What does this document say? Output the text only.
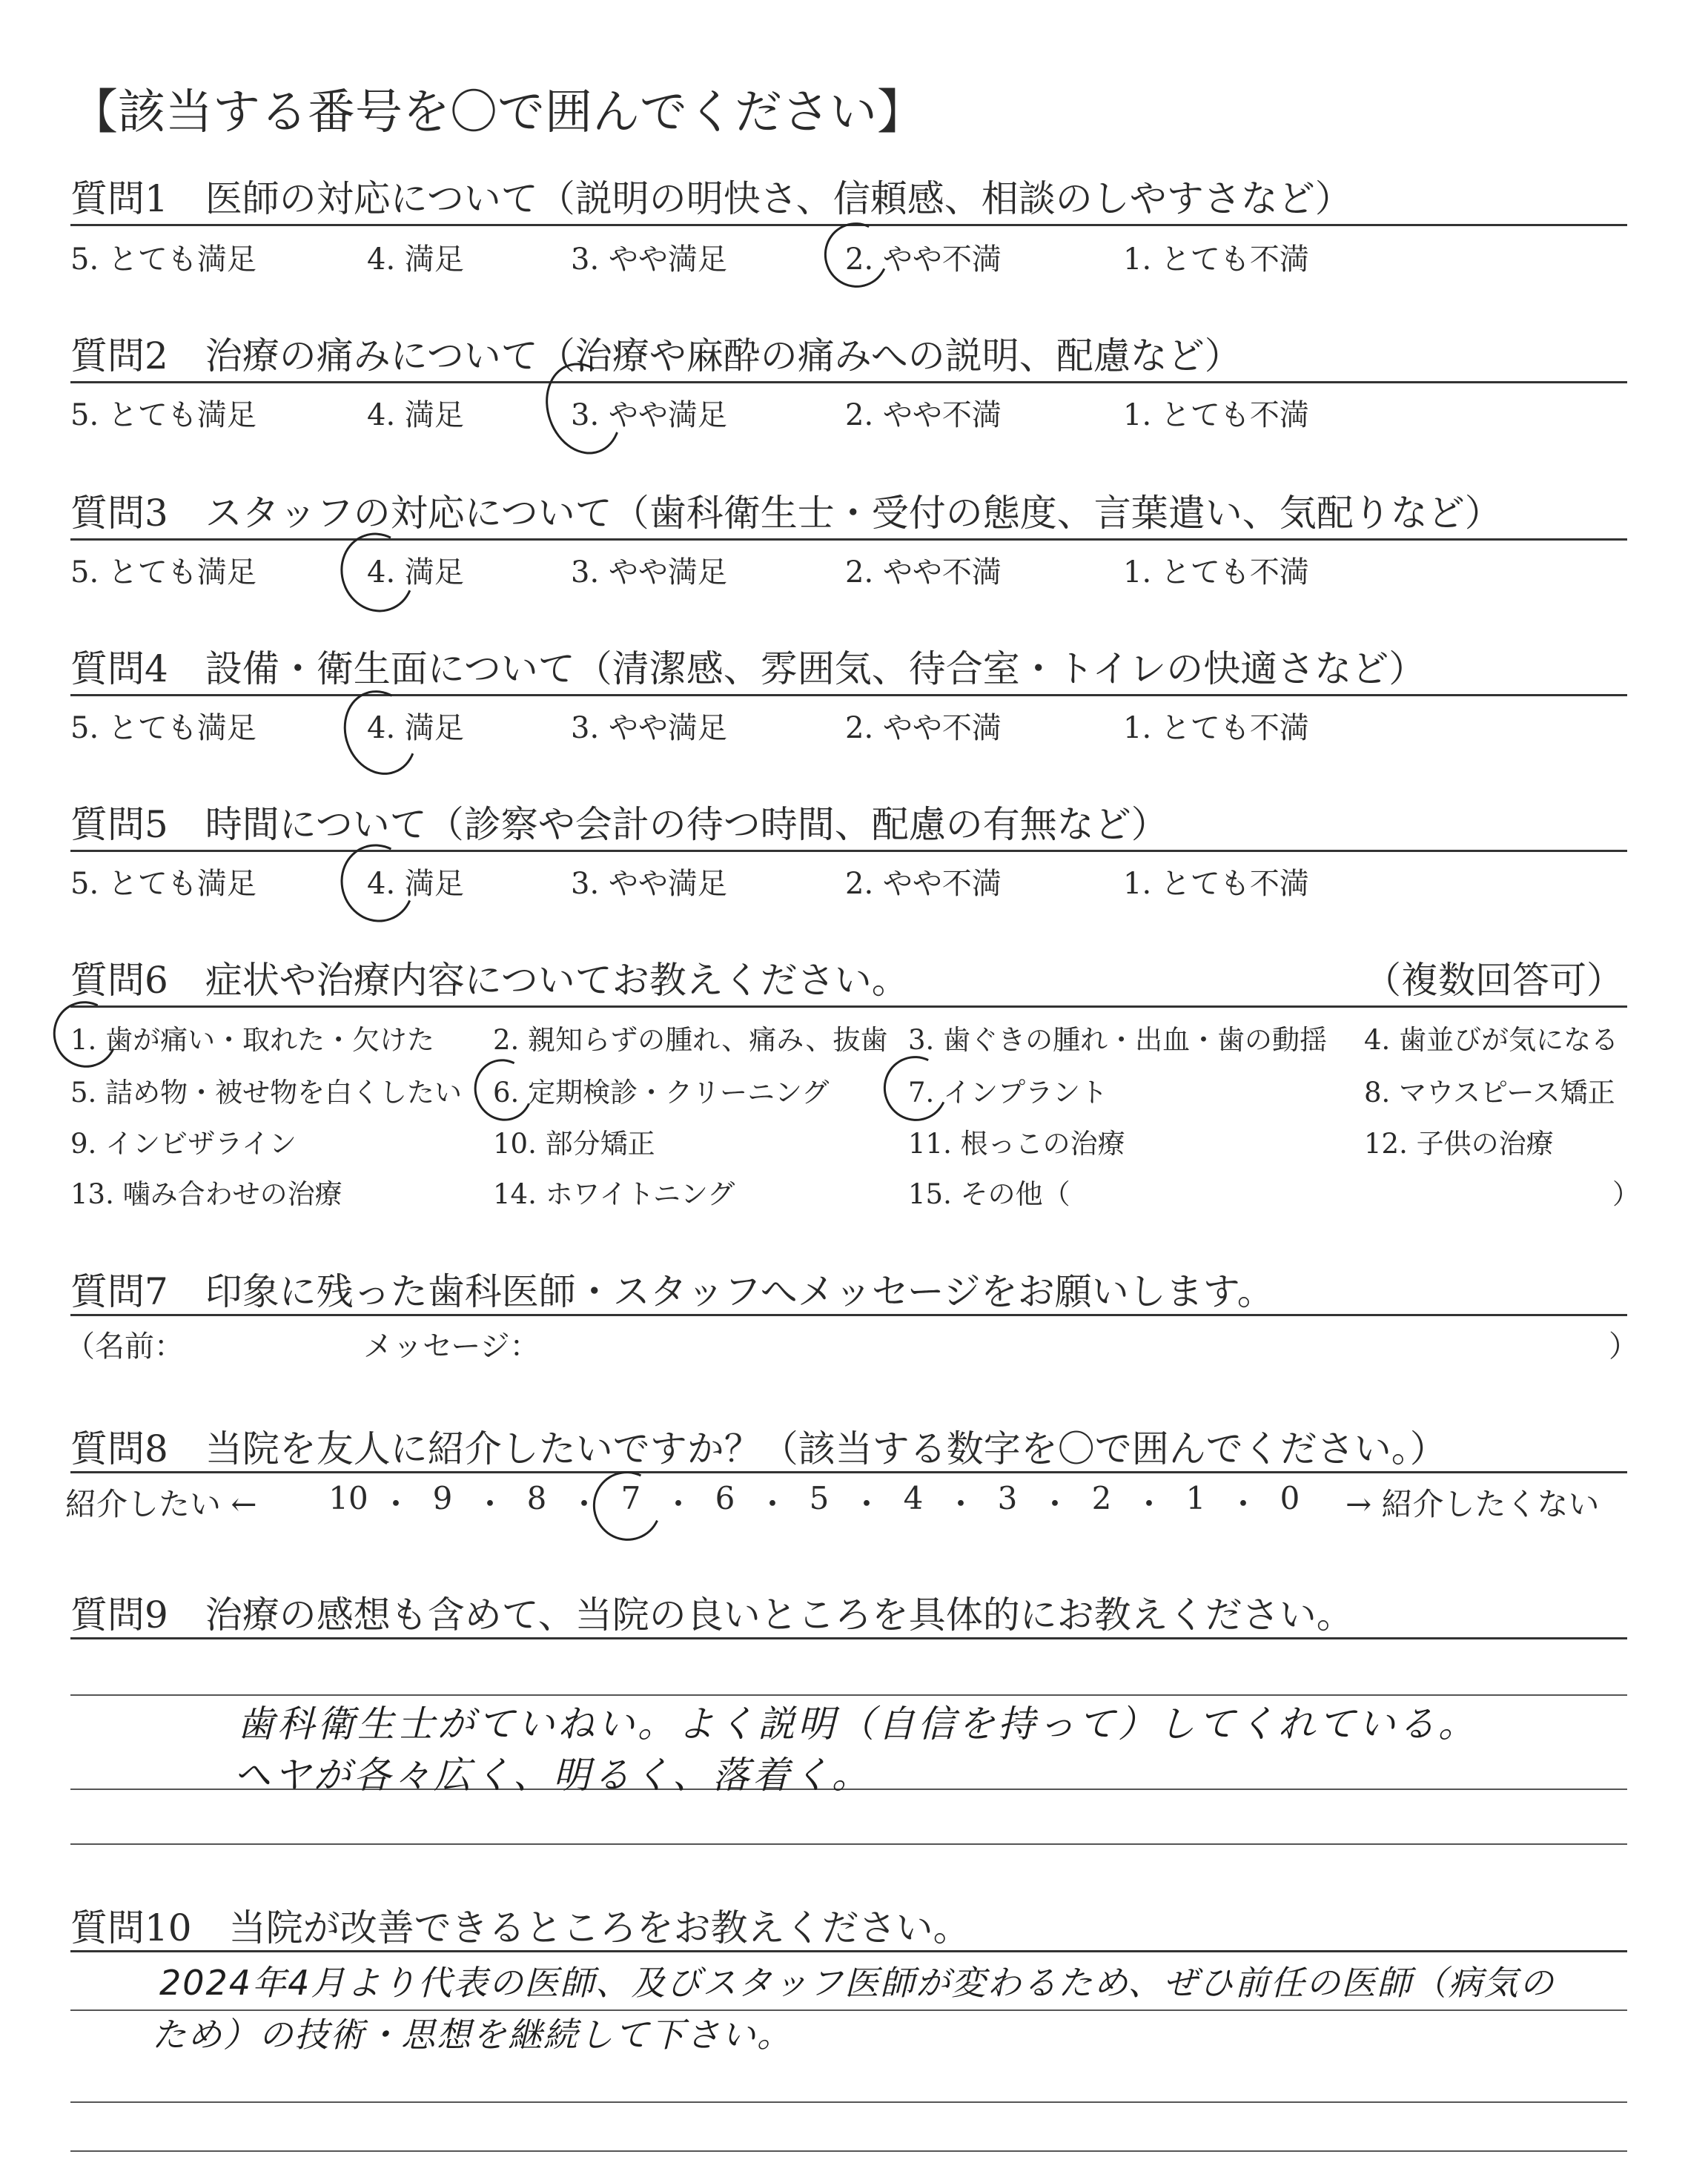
【該当する番号を〇で囲んでください】
質問1　医師の対応について（説明の明快さ、信頼感、相談のしやすさなど）
5. とても満足	4. 満足	3. やや満足	2. やや不満	1. とても不満
質問2　治療の痛みについて（治療や麻酔の痛みへの説明、配慮など）
5. とても満足	4. 満足	3. やや満足	2. やや不満	1. とても不満
質問3　スタッフの対応について（歯科衛生士・受付の態度、言葉遣い、気配りなど）
5. とても満足	4. 満足	3. やや満足	2. やや不満	1. とても不満
質問4　設備・衛生面について（清潔感、雰囲気、待合室・トイレの快適さなど）
5. とても満足	4. 満足	3. やや満足	2. やや不満	1. とても不満
質問5　時間について（診察や会計の待つ時間、配慮の有無など）
5. とても満足	4. 満足	3. やや満足	2. やや不満	1. とても不満
質問6　症状や治療内容についてお教えください。	（複数回答可）
1. 歯が痛い・取れた・欠けた 2. 親知らずの腫れ、痛み、抜歯 3. 歯ぐきの腫れ・出血・歯の動揺 4. 歯並びが気になる
5. 詰め物・被せ物を白くしたい 6. 定期検診・クリーニング	7. インプラント	8. マウスピース矯正
9. インビザライン	10. 部分矯正	11. 根っこの治療	12. 子供の治療
13. 噛み合わせの治療	14. ホワイトニング	15. その他（	）
質問7　印象に残った歯科医師・スタッフへメッセージをお願いします。
（名前：	メッセージ：	）
質問8　当院を友人に紹介したいですか？（該当する数字を〇で囲んでください。）
紹介したい ← 10 ・ 9 ・ 8 ・ 7 ・ 6 ・ 5 ・ 4 ・ 3 ・ 2 ・ 1 ・ 0	→ 紹介したくない
質問9　治療の感想も含めて、当院の良いところを具体的にお教えください。
歯科衛生士がていねい。よく説明（自信を持って）してくれている。
ヘヤが各々広く、明るく、落着く。
質問10　当院が改善できるところをお教えください。
2024年4月より代表の医師、及びスタッフ医師が変わるため、ぜひ前任の医師（病気の
ため）の技術・思想を継続して下さい。
